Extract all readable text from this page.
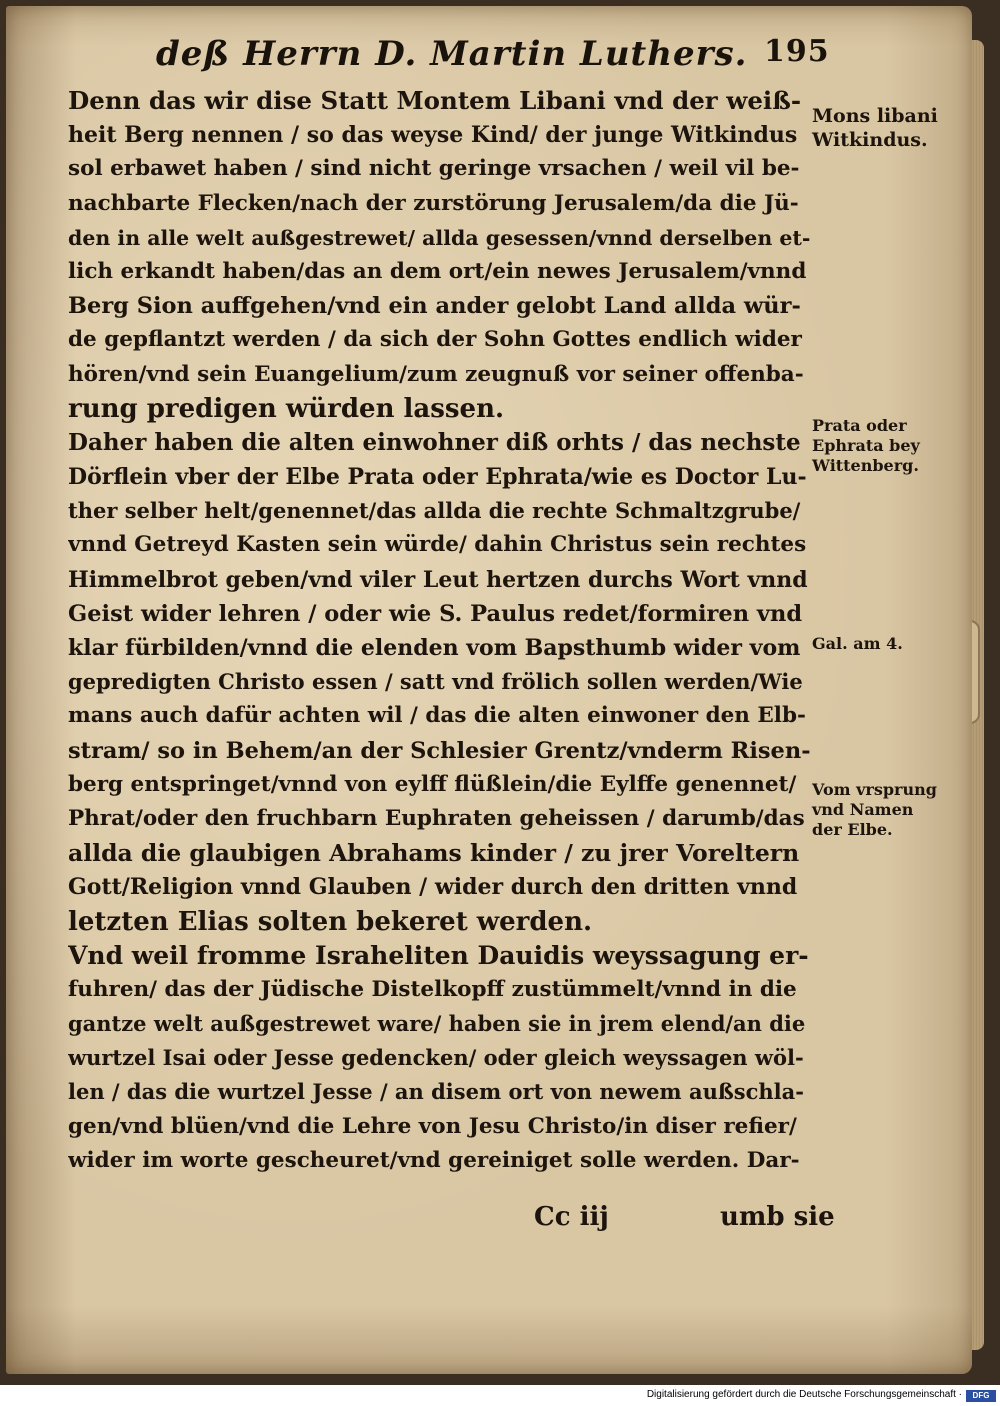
deß Herrn D. Martin Luthers. 195
Denn das wir dise Statt Montem Libani vnd der weiß-
heit Berg nennen / so das weyse Kind/ der junge Witkindus
sol erbawet haben / sind nicht geringe vrsachen / weil vil be-
nachbarte Flecken/nach der zurstörung Jerusalem/da die Jü-
den in alle welt außgestrewet/ allda gesessen/vnnd derselben et-
lich erkandt haben/das an dem ort/ein newes Jerusalem/vnnd
Berg Sion auffgehen/vnd ein ander gelobt Land allda wür-
de gepflantzt werden / da sich der Sohn Gottes endlich wider
hören/vnd sein Euangelium/zum zeugnuß vor seiner offenba-
rung predigen würden lassen.
Daher haben die alten einwohner diß orhts / das nechste
Dörflein vber der Elbe Prata oder Ephrata/wie es Doctor Lu-
ther selber helt/genennet/das allda die rechte Schmaltzgrube/
vnnd Getreyd Kasten sein würde/ dahin Christus sein rechtes
Himmelbrot geben/vnd viler Leut hertzen durchs Wort vnnd
Geist wider lehren / oder wie S. Paulus redet/formiren vnd
klar fürbilden/vnnd die elenden vom Bapsthumb wider vom
gepredigten Christo essen / satt vnd frölich sollen werden/Wie
mans auch dafür achten wil / das die alten einwoner den Elb-
stram/ so in Behem/an der Schlesier Grentz/vnderm Risen-
berg entspringet/vnnd von eylff flüßlein/die Eylffe genennet/
Phrat/oder den fruchbarn Euphraten geheissen / darumb/das
allda die glaubigen Abrahams kinder / zu jrer Voreltern
Gott/Religion vnnd Glauben / wider durch den dritten vnnd
letzten Elias solten bekeret werden.
Vnd weil fromme Israheliten Dauidis weyssagung er-
fuhren/ das der Jüdische Distelkopff zustümmelt/vnnd in die
gantze welt außgestrewet ware/ haben sie in jrem elend/an die
wurtzel Isai oder Jesse gedencken/ oder gleich weyssagen wöl-
len / das die wurtzel Jesse / an disem ort von newem außschla-
gen/vnd blüen/vnd die Lehre von Jesu Christo/in diser refier/
wider im worte gescheuret/vnd gereiniget solle werden. Dar-
Mons libani
Witkindus.
Prata oder
Ephrata bey
Wittenberg.
Gal. am 4.
Vom vrsprung
vnd Namen
der Elbe.
Cc iij	umb sie
Digitalisierung gefördert durch die Deutsche Forschungsgemeinschaft ·	DFG
